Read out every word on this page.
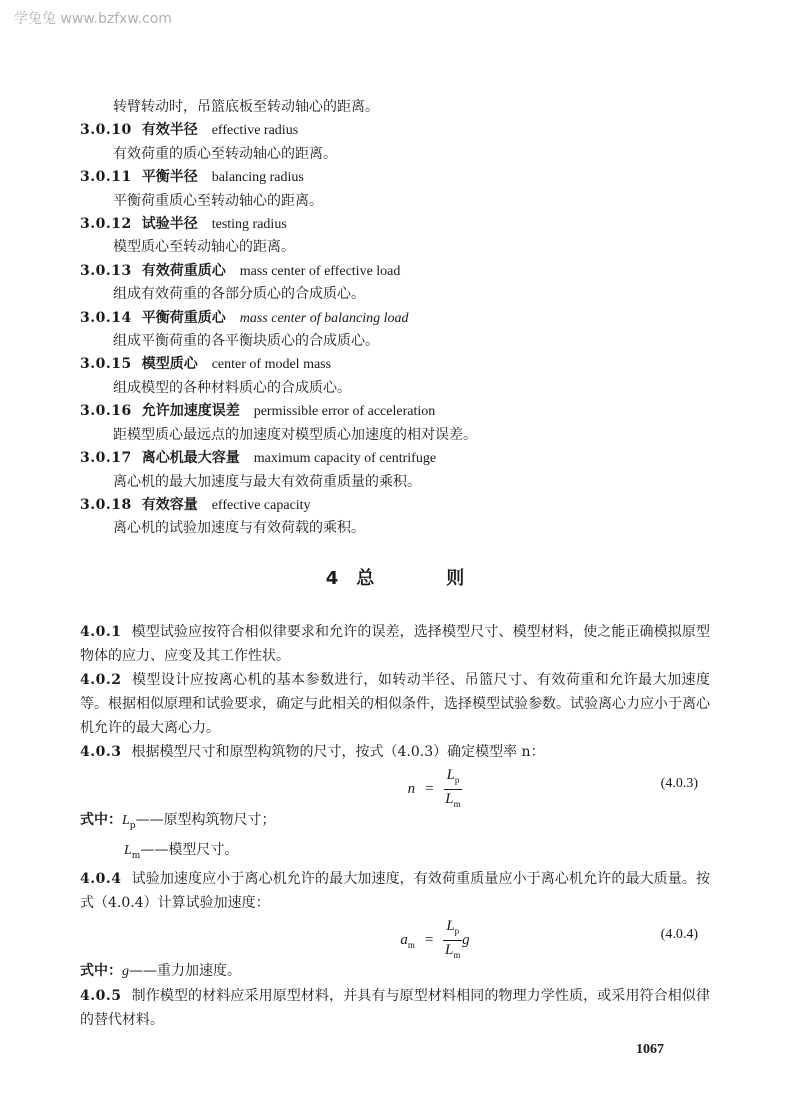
学兔兔 www.bzfxw.com
转臂转动时，吊篮底板至转动轴心的距离。
3.0.10 有效半径 effective radius
有效荷重的质心至转动轴心的距离。
3.0.11 平衡半径 balancing radius
平衡荷重质心至转动轴心的距离。
3.0.12 试验半径 testing radius
模型质心至转动轴心的距离。
3.0.13 有效荷重质心 mass center of effective load
组成有效荷重的各部分质心的合成质心。
3.0.14 平衡荷重质心 mass center of balancing load
组成平衡荷重的各平衡块质心的合成质心。
3.0.15 模型质心 center of model mass
组成模型的各种材料质心的合成质心。
3.0.16 允许加速度误差 permissible error of acceleration
距模型质心最远点的加速度对模型质心加速度的相对误差。
3.0.17 离心机最大容量 maximum capacity of centrifuge
离心机的最大加速度与最大有效荷重质量的乘积。
3.0.18 有效容量 effective capacity
离心机的试验加速度与有效荷载的乘积。
4 总	则
4.0.1 模型试验应按符合相似律要求和允许的误差，选择模型尺寸、模型材料，使之能正确模拟原型物体的应力、应变及其工作性状。
4.0.2 模型设计应按离心机的基本参数进行，如转动半径、吊篮尺寸、有效荷重和允许最大加速度等。根据相似原理和试验要求，确定与此相关的相似条件，选择模型试验参数。试验离心力应小于离心机允许的最大离心力。
4.0.3 根据模型尺寸和原型构筑物的尺寸，按式（4.0.3）确定模型率 n：
$n = \frac{L_p}{L_m}$	(4.0.3)
式中：$L_p——$原型构筑物尺寸；
$L_m——$模型尺寸。
4.0.4 试验加速度应小于离心机允许的最大加速度，有效荷重质量应小于离心机允许的最大质量。按式（4.0.4）计算试验加速度：
$a_m = \frac{L_p}{L_m}$ g	(4.0.4)
式中：g——重力加速度。
4.0.5 制作模型的材料应采用原型材料，并具有与原型材料相同的物理力学性质，或采用符合相似律的替代材料。
1067
